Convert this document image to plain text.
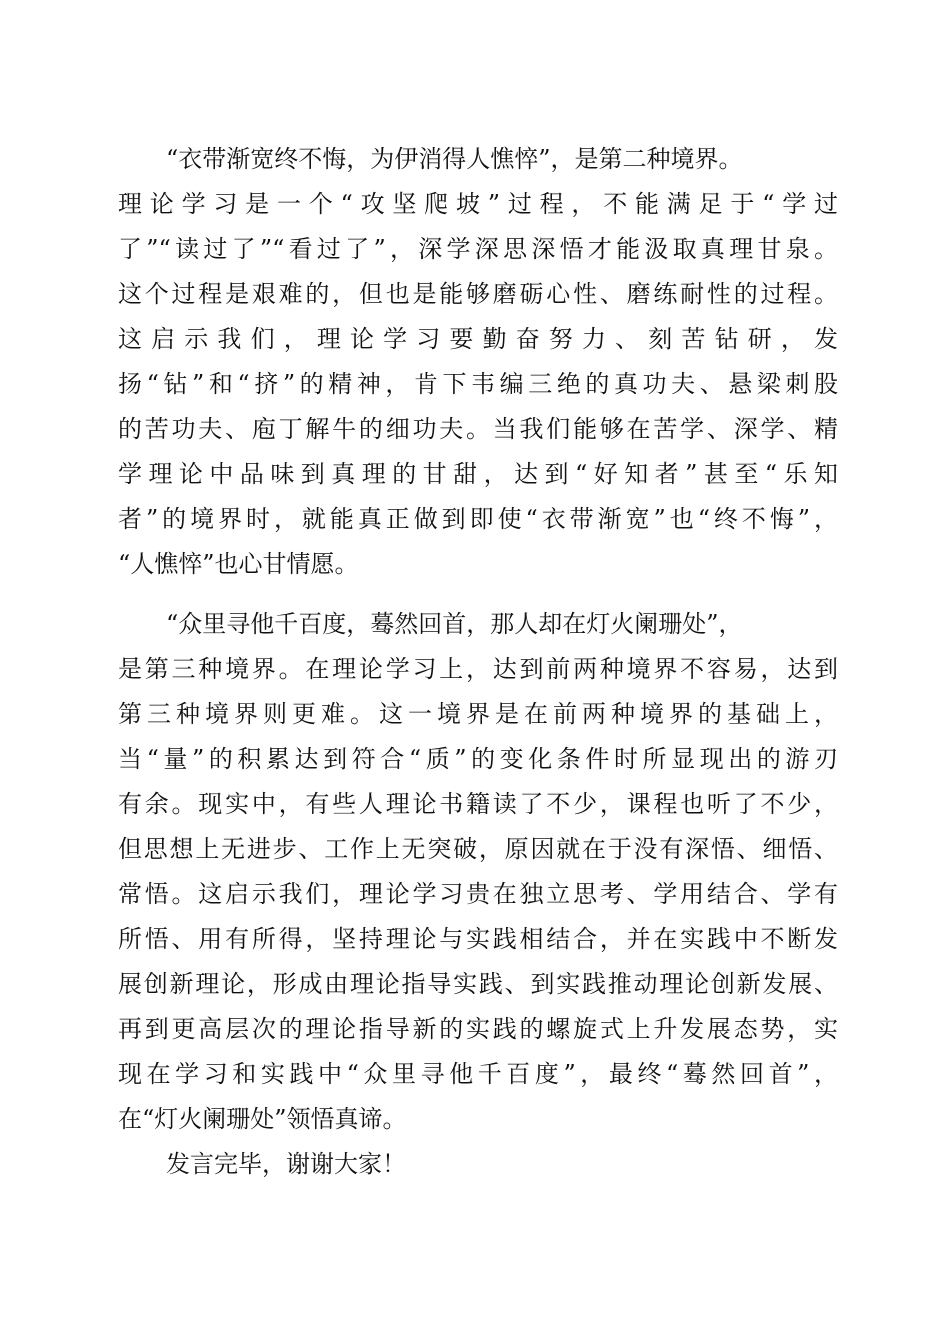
“衣带渐宽终不悔，为伊消得人憔悴”，是第二种境界。
理论学习是一个“攻坚爬坡”过程，不能满足于“学过
了”“读过了”“看过了”，深学深思深悟才能汲取真理甘泉。
这个过程是艰难的，但也是能够磨砺心性、磨练耐性的过程。
这启示我们，理论学习要勤奋努力、刻苦钻研，发
扬“钻”和“挤”的精神，肯下韦编三绝的真功夫、悬梁刺股
的苦功夫、庖丁解牛的细功夫。当我们能够在苦学、深学、精
学理论中品味到真理的甘甜，达到“好知者”甚至“乐知
者”的境界时，就能真正做到即使“衣带渐宽”也“终不悔”，
“人憔悴”也心甘情愿。
“众里寻他千百度，蓦然回首，那人却在灯火阑珊处”，
是第三种境界。在理论学习上，达到前两种境界不容易，达到
第三种境界则更难。这一境界是在前两种境界的基础上，
当“量”的积累达到符合“质”的变化条件时所显现出的游刃
有余。现实中，有些人理论书籍读了不少，课程也听了不少，
但思想上无进步、工作上无突破，原因就在于没有深悟、细悟、
常悟。这启示我们，理论学习贵在独立思考、学用结合、学有
所悟、用有所得，坚持理论与实践相结合，并在实践中不断发
展创新理论，形成由理论指导实践、到实践推动理论创新发展、
再到更高层次的理论指导新的实践的螺旋式上升发展态势，实
现在学习和实践中“众里寻他千百度”，最终“蓦然回首”，
在“灯火阑珊处”领悟真谛。
发言完毕，谢谢大家！
